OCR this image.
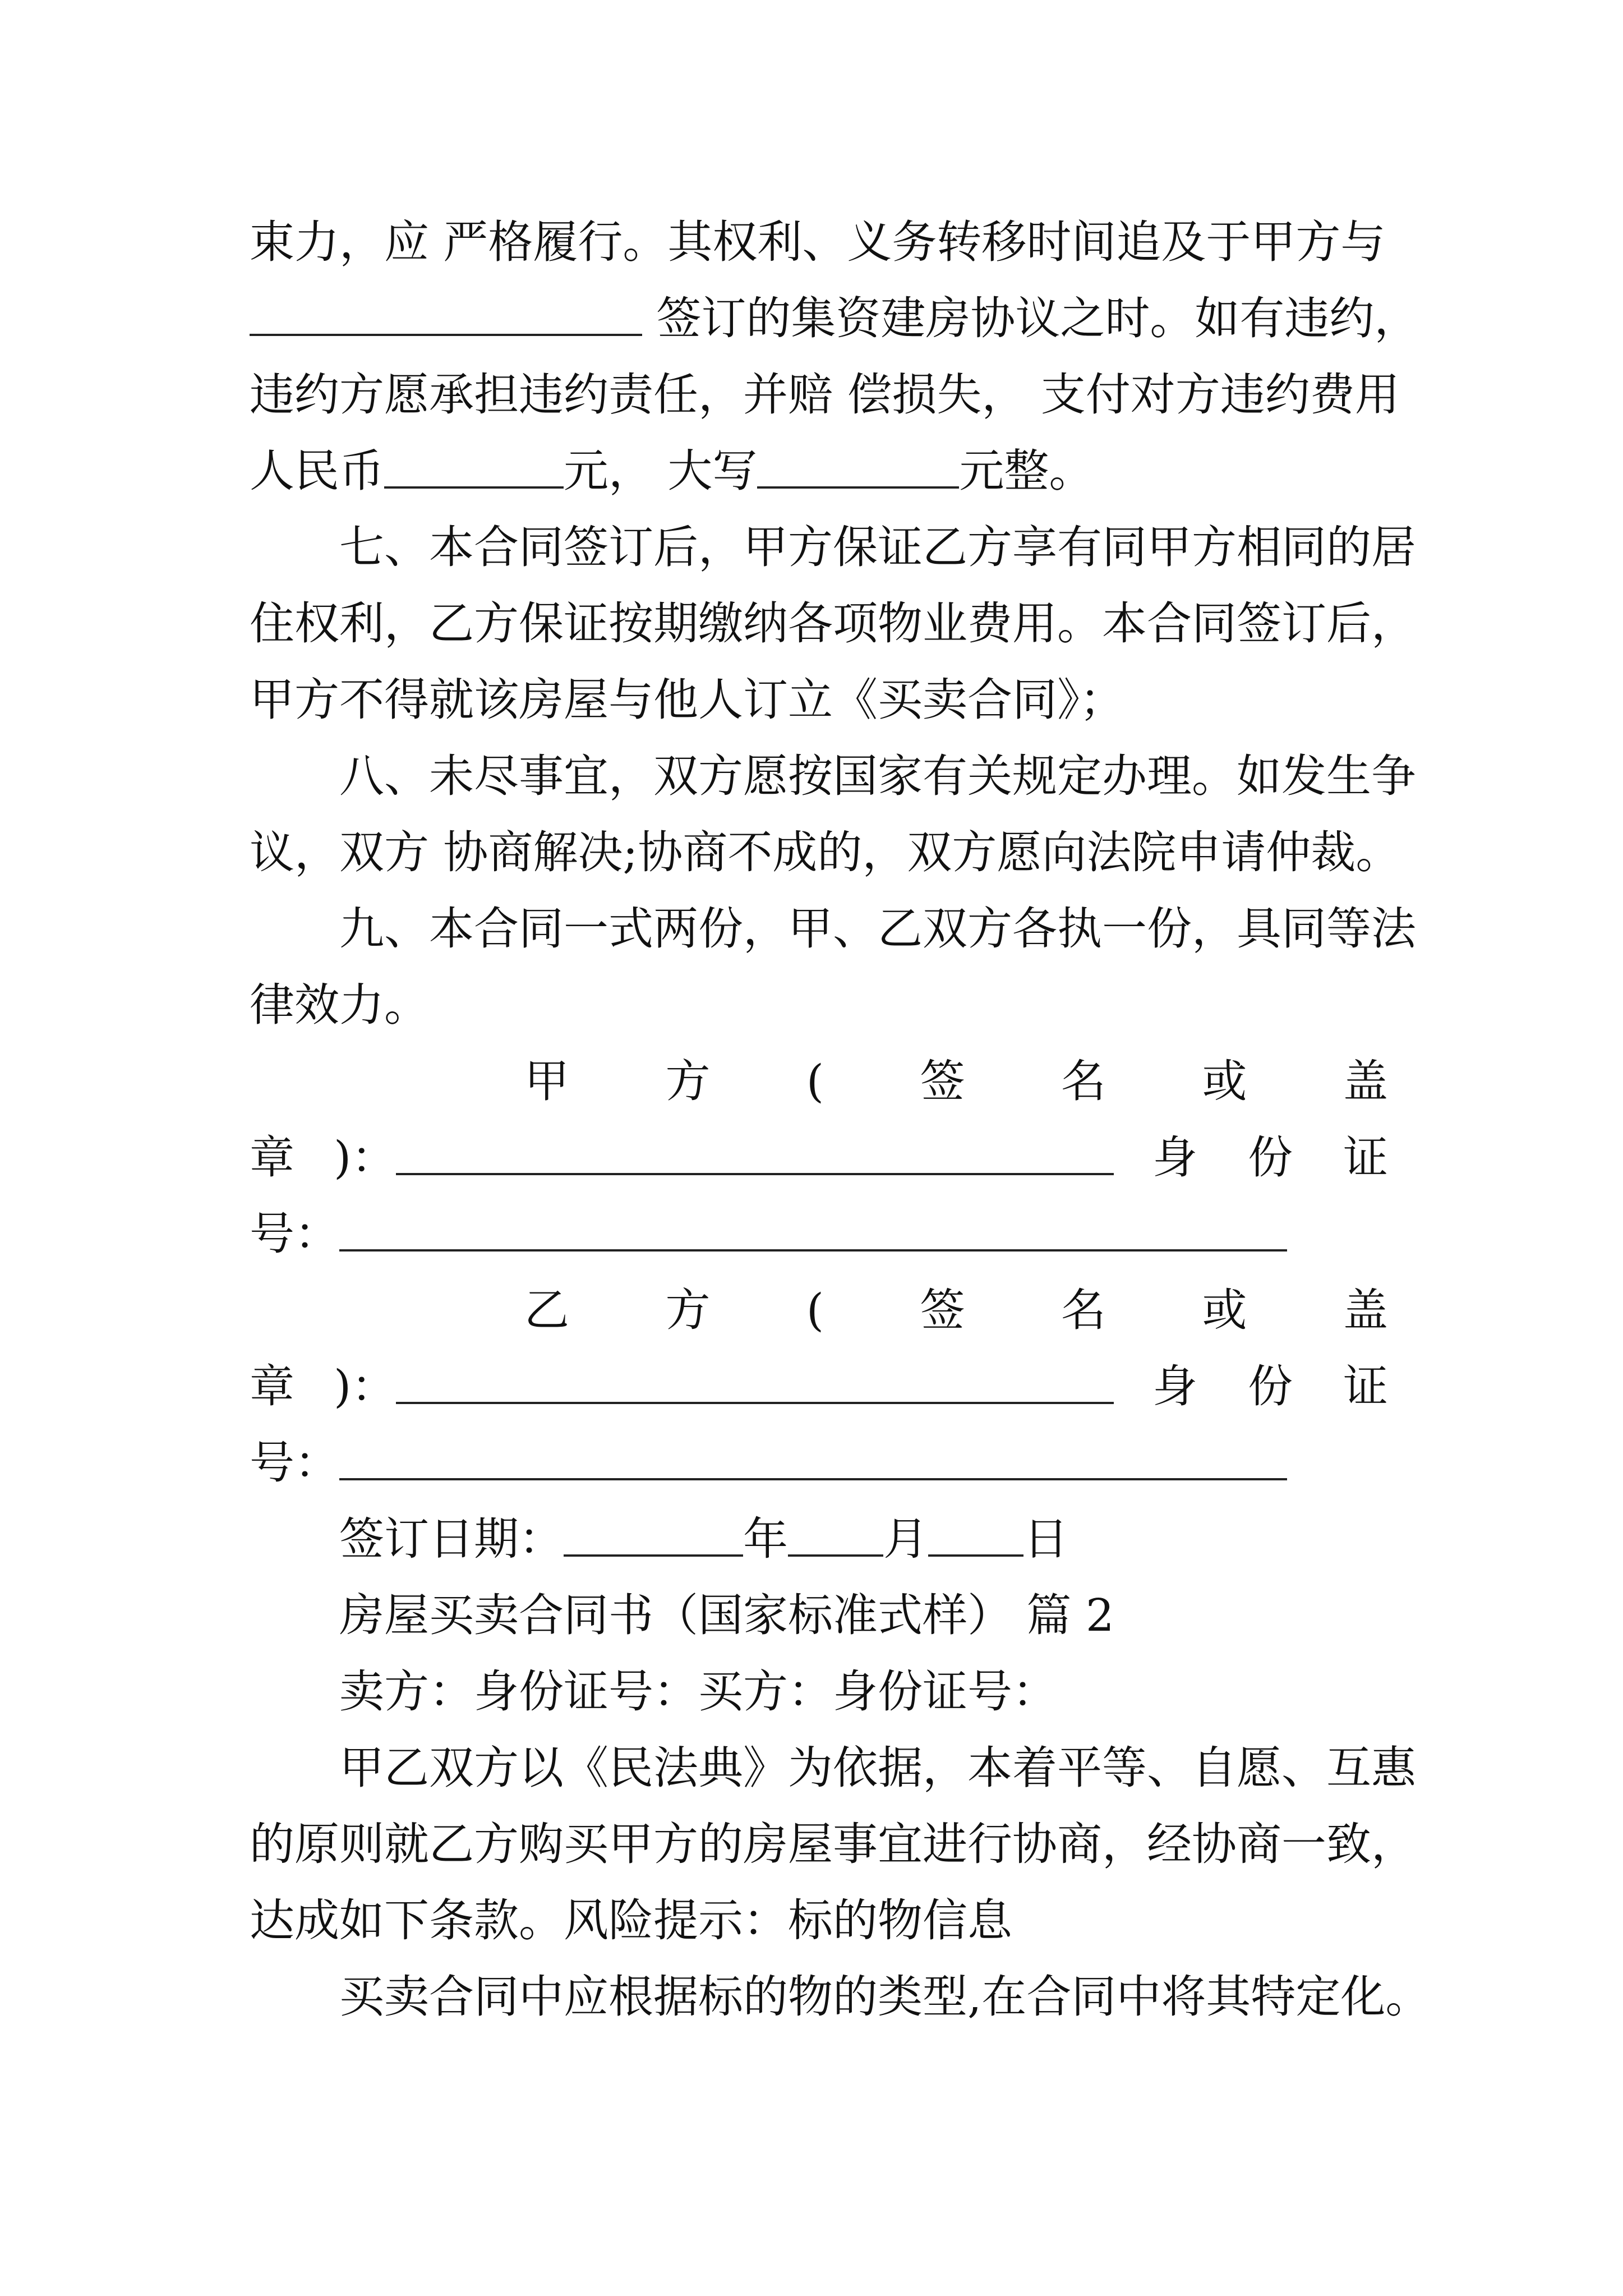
束力，应 严格履行。其权利、义务转移时间追及于甲方与
签订的集资建房协议之时。如有违约，
违约方愿承担违约责任，并赔 偿损失， 支付对方违约费用
人民币	元， 大写	元整。
七、本合同签订后，甲方保证乙方享有同甲方相同的居
住权利，乙方保证按期缴纳各项物业费用。本合同签订后，
甲方不得就该房屋与他人订立《买卖合同》；
八、未尽事宜，双方愿按国家有关规定办理。如发生争
议，双方 协商解决;协商不成的，双方愿向法院申请仲裁。
九、本合同一式两份，甲、乙双方各执一份，具同等法
律效力。
甲 方 ( 签 名 或 盖
章 )：	身 份 证
号：
乙 方 ( 签 名 或 盖
章 )：	身 份 证
号：
签订日期：	年 月 日
房屋买卖合同书（国家标准式样） 篇 2
卖方：身份证号：买方：身份证号：
甲乙双方以《民法典》为依据，本着平等、自愿、互惠
的原则就乙方购买甲方的房屋事宜进行协商，经协商一致，
达成如下条款。风险提示：标的物信息
买卖合同中应根据标的物的类型,在合同中将其特定化。
